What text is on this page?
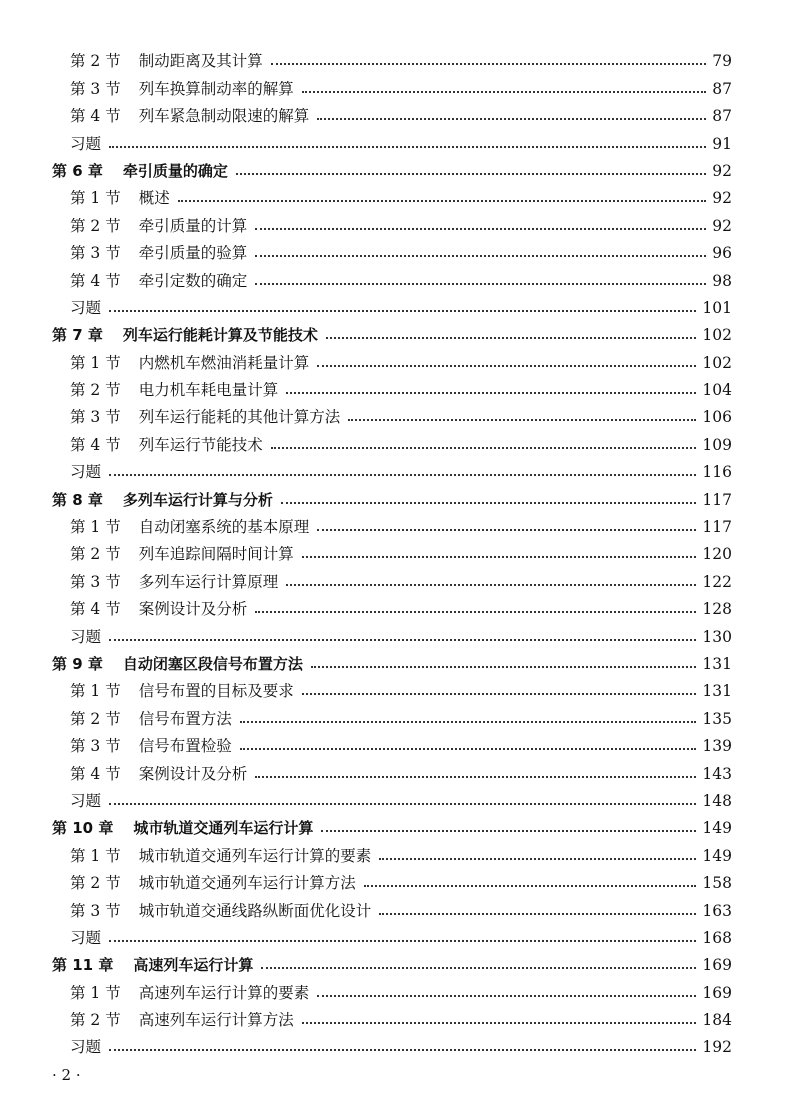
第 2 节 制动距离及其计算	79
第 3 节 列车换算制动率的解算	87
第 4 节 列车紧急制动限速的解算	87
习题	91
第 6 章 牵引质量的确定	92
第 1 节 概述	92
第 2 节 牵引质量的计算	92
第 3 节 牵引质量的验算	96
第 4 节 牵引定数的确定	98
习题	101
第 7 章 列车运行能耗计算及节能技术	102
第 1 节 内燃机车燃油消耗量计算	102
第 2 节 电力机车耗电量计算	104
第 3 节 列车运行能耗的其他计算方法	106
第 4 节 列车运行节能技术	109
习题	116
第 8 章 多列车运行计算与分析	117
第 1 节 自动闭塞系统的基本原理	117
第 2 节 列车追踪间隔时间计算	120
第 3 节 多列车运行计算原理	122
第 4 节 案例设计及分析	128
习题	130
第 9 章 自动闭塞区段信号布置方法	131
第 1 节 信号布置的目标及要求	131
第 2 节 信号布置方法	135
第 3 节 信号布置检验	139
第 4 节 案例设计及分析	143
习题	148
第 10 章 城市轨道交通列车运行计算	149
第 1 节 城市轨道交通列车运行计算的要素	149
第 2 节 城市轨道交通列车运行计算方法	158
第 3 节 城市轨道交通线路纵断面优化设计	163
习题	168
第 11 章 高速列车运行计算	169
第 1 节 高速列车运行计算的要素	169
第 2 节 高速列车运行计算方法	184
习题	192
· 2 ·
